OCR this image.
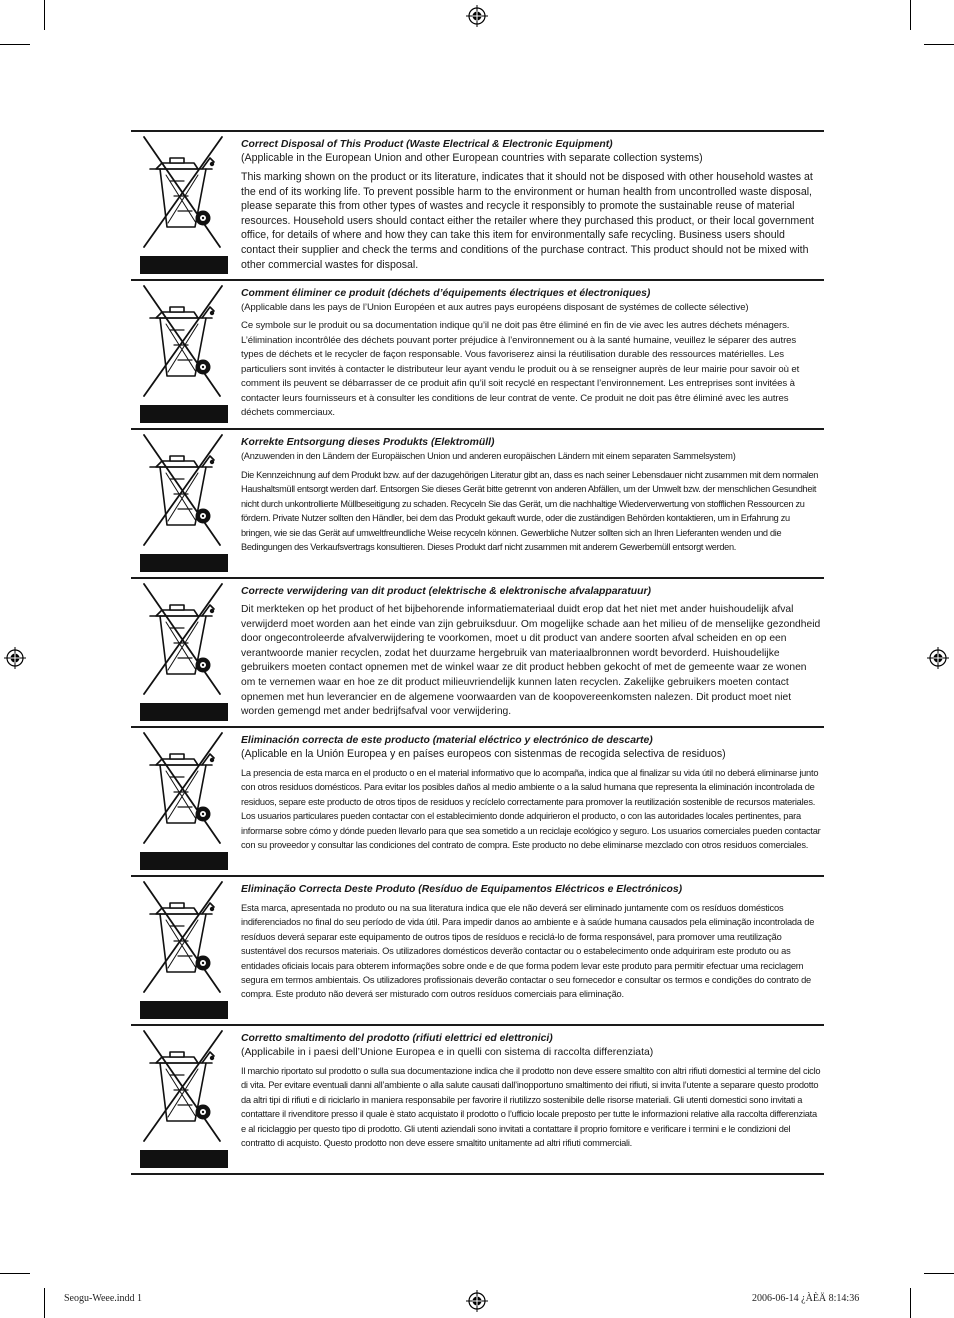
Correct Disposal of This Product (Waste Electrical & Electronic Equipment)
(Applicable in the European Union and other European countries with separate collection systems)
This marking shown on the product or its literature, indicates that it should not be disposed with other household wastes at the end of its working life. To prevent possible harm to the environment or human health from uncontrolled waste disposal, please separate this from other types of wastes and recycle it responsibly to promote the sustainable reuse of material resources. Household users should contact either the retailer where they purchased this product, or their local government office, for details of where and how they can take this item for environmentally safe recycling. Business users should contact their supplier and check the terms and conditions of the purchase contract. This product should not be mixed with other commercial wastes for disposal.
Comment éliminer ce produit (déchets d’équipements électriques et électroniques)
(Applicable dans les pays de l’Union Européen et aux autres pays européens disposant de systémes de collecte sélective)
Ce symbole sur le produit ou sa documentation indique qu’il ne doit pas être éliminé en fin de vie avec les autres déchets ménagers. L’élimination incontrôlée des déchets pouvant porter préjudice à l’environnement ou à la santé humaine, veuillez le séparer des autres types de déchets et le recycler de façon responsable. Vous favoriserez ainsi la réutilisation durable des ressources matérielles. Les particuliers sont invités à contacter le distributeur leur ayant vendu le produit ou à se renseigner auprès de leur mairie pour savoir où et comment ils peuvent se débarrasser de ce produit afin qu’il soit recyclé en respectant l’environnement. Les entreprises sont invitées à contacter leurs fournisseurs et à consulter les conditions de leur contrat de vente. Ce produit ne doit pas être éliminé avec les autres déchets commerciaux.
Korrekte Entsorgung dieses Produkts (Elektromüll)
(Anzuwenden in den Ländern der Europäischen Union und anderen europäischen Ländern mit einem separaten Sammelsystem)
Die Kennzeichnung auf dem Produkt bzw. auf der dazugehörigen Literatur gibt an, dass es nach seiner Lebensdauer nicht zusammen mit dem normalen Haushaltsmüll entsorgt werden darf. Entsorgen Sie dieses Gerät bitte getrennt von anderen Abfällen, um der Umwelt bzw. der menschlichen Gesundheit nicht durch unkontrollierte Müllbeseitigung zu schaden. Recyceln Sie das Gerät, um die nachhaltige Wiederverwertung von stofflichen Ressourcen zu fördern. Private Nutzer sollten den Händler, bei dem das Produkt gekauft wurde, oder die zuständigen Behörden kontaktieren, um in Erfahrung zu bringen, wie sie das Gerät auf umweltfreundliche Weise recyceln können. Gewerbliche Nutzer sollten sich an Ihren Lieferanten wenden und die Bedingungen des Verkaufsvertrags konsultieren. Dieses Produkt darf nicht zusammen mit anderem Gewerbemüll entsorgt werden.
Correcte verwijdering van dit product (elektrische & elektronische afvalapparatuur)
Dit merkteken op het product of het bijbehorende informatiemateriaal duidt erop dat het niet met ander huishoudelijk afval verwijderd moet worden aan het einde van zijn gebruiksduur. Om mogelijke schade aan het milieu of de menselijke gezondheid door ongecontroleerde afvalverwijdering te voorkomen, moet u dit product van andere soorten afval scheiden en op een verantwoorde manier recyclen, zodat het duurzame hergebruik van materiaalbronnen wordt bevorderd. Huishoudelijke gebruikers moeten contact opnemen met de winkel waar ze dit product hebben gekocht of met de gemeente waar ze wonen om te vernemen waar en hoe ze dit product milieuvriendelijk kunnen laten recyclen. Zakelijke gebruikers moeten contact opnemen met hun leverancier en de algemene voorwaarden van de koopovereenkomsten nalezen. Dit product moet niet worden gemengd met ander bedrijfsafval voor verwijdering.
Eliminación correcta de este producto (material eléctrico y electrónico de descarte)
(Aplicable en la Unión Europea y en países europeos con sistenmas de recogida selectiva de residuos)
La presencia de esta marca en el producto o en el material informativo que lo acompaña, indica que al finalizar su vida útil no deberá eliminarse junto con otros residuos domésticos. Para evitar los posibles daños al medio ambiente o a la salud humana que representa la eliminación incontrolada de residuos, separe este producto de otros tipos de residuos y recíclelo correctamente para promover la reutilización sostenible de recursos materiales. Los usuarios particulares pueden contactar con el establecimiento donde adquirieron el producto, o con las autoridades locales pertinentes, para informarse sobre cómo y dónde pueden llevarlo para que sea sometido a un reciclaje ecológico y seguro. Los usuarios comerciales pueden contactar con su proveedor y consultar las condiciones del contrato de compra. Este producto no debe eliminarse mezclado con otros residuos comerciales.
Eliminação Correcta Deste Produto (Resíduo de Equipamentos Eléctricos e Electrónicos)
Esta marca, apresentada no produto ou na sua literatura indica que ele não deverá ser eliminado juntamente com os resíduos domésticos indiferenciados no final do seu período de vida útil. Para impedir danos ao ambiente e à saúde humana causados pela eliminação incontrolada de resíduos deverá separar este equipamento de outros tipos de resíduos e reciclá-lo de forma responsável, para promover uma reutilização sustentável dos recursos materiais. Os utilizadores domésticos deverão contactar ou o estabelecimento onde adquiriram este produto ou as entidades oficiais locais para obterem informações sobre onde e de que forma podem levar este produto para permitir efectuar uma reciclagem segura em termos ambientais. Os utilizadores profissionais deverão contactar o seu fornecedor e consultar os termos e condições do contrato de compra. Este produto não deverá ser misturado com outros resíduos comerciais para eliminação.
Corretto smaltimento del prodotto (rifiuti elettrici ed elettronici)
(Applicabile in i paesi dell’Unione Europea e in quelli con sistema di raccolta differenziata)
Il marchio riportato sul prodotto o sulla sua documentazione indica che il prodotto non deve essere smaltito con altri rifiuti domestici al termine del ciclo di vita. Per evitare eventuali danni all’ambiente o alla salute causati dall’inopportuno smaltimento dei rifiuti, si invita l’utente a separare questo prodotto da altri tipi di rifiuti e di riciclarlo in maniera responsabile per favorire il riutilizzo sostenibile delle risorse materiali. Gli utenti domestici sono invitati a contattare il rivenditore presso il quale è stato acquistato il prodotto o l’ufficio locale preposto per tutte le informazioni relative alla raccolta differenziata e al riciclaggio per questo tipo di prodotto. Gli utenti aziendali sono invitati a contattare il proprio fornitore e verificare i termini e le condizioni del contratto di acquisto. Questo prodotto non deve essere smaltito unitamente ad altri rifiuti commerciali.
Seogu-Weee.indd 1	2006-06-14 ¿ÀÈÄ 8:14:36
